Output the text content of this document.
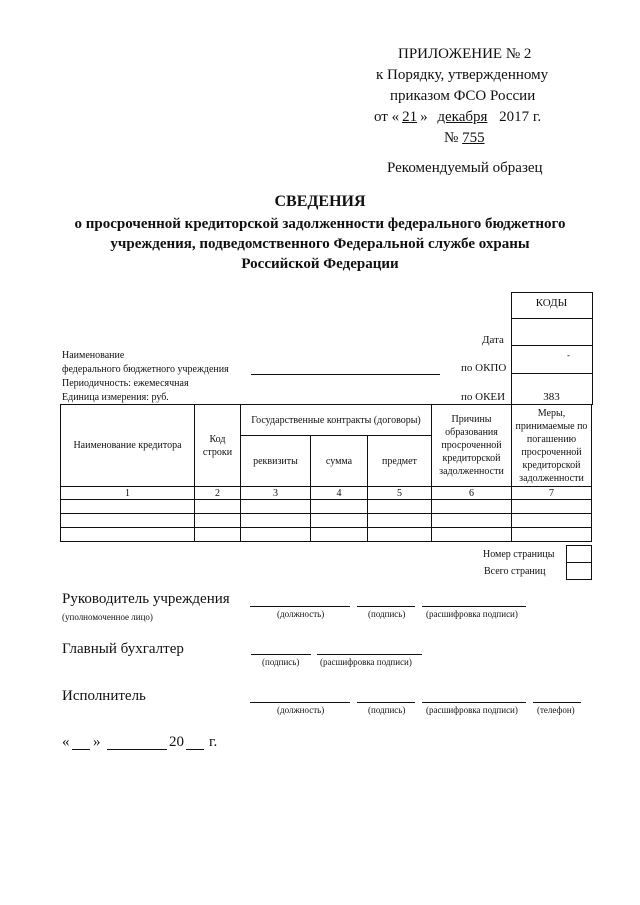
ПРИЛОЖЕНИЕ № 2
к Порядку, утвержденному
приказом ФСО России
от « 21 » декабря 2017 г.
№ 755
Рекомендуемый образец
СВЕДЕНИЯ
о просроченной кредиторской задолженности федерального бюджетного
учреждения, подведомственного Федеральной службе охраны
Российской Федерации
КОДЫ
Дата
по ОКПО
-
по ОКЕИ	383
Наименование
федерального бюджетного учреждения
Периодичность: ежемесячная
Единица измерения: руб.
Наименование кредитора	Код строки	Государственные контракты (договоры)			Причины образования просроченной кредиторской задолженности	Меры, принимаемые по погашению просроченной кредиторской задолженности
		реквизиты	сумма	предмет		
1	2	3	4	5	6	7

Номер страницы
Всего страниц
Руководитель учреждения
(уполномоченное лицо)	(должность)	(подпись) (расшифровка подписи)
Главный бухгалтер
(подпись) (расшифровка подписи)
Исполнитель
(должность)	(подпись) (расшифровка подписи) (телефон)
« »	20 г.
